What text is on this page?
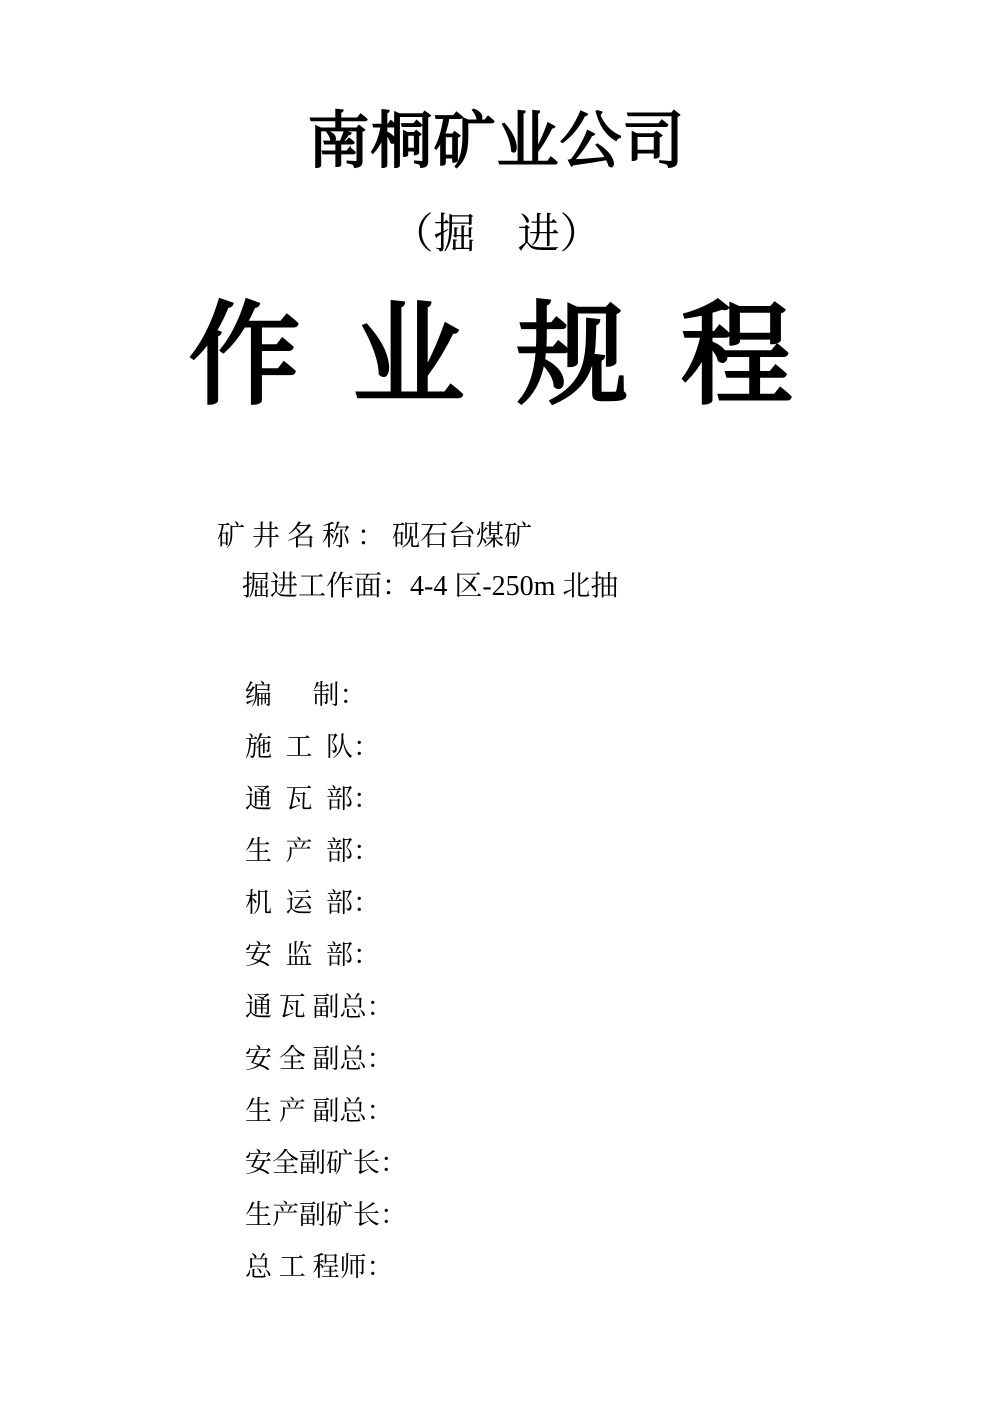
南桐矿业公司
（掘　进）
作 业 规 程
矿 井 名 称 ： 砚石台煤矿
掘进工作面：4-4 区-250m 北抽
编      制：
施  工  队：
通  瓦  部：
生  产  部：
机  运  部：
安  监  部：
通 瓦 副总：
安 全 副总：
生 产 副总：
安全副矿长：
生产副矿长：
总 工 程师：
